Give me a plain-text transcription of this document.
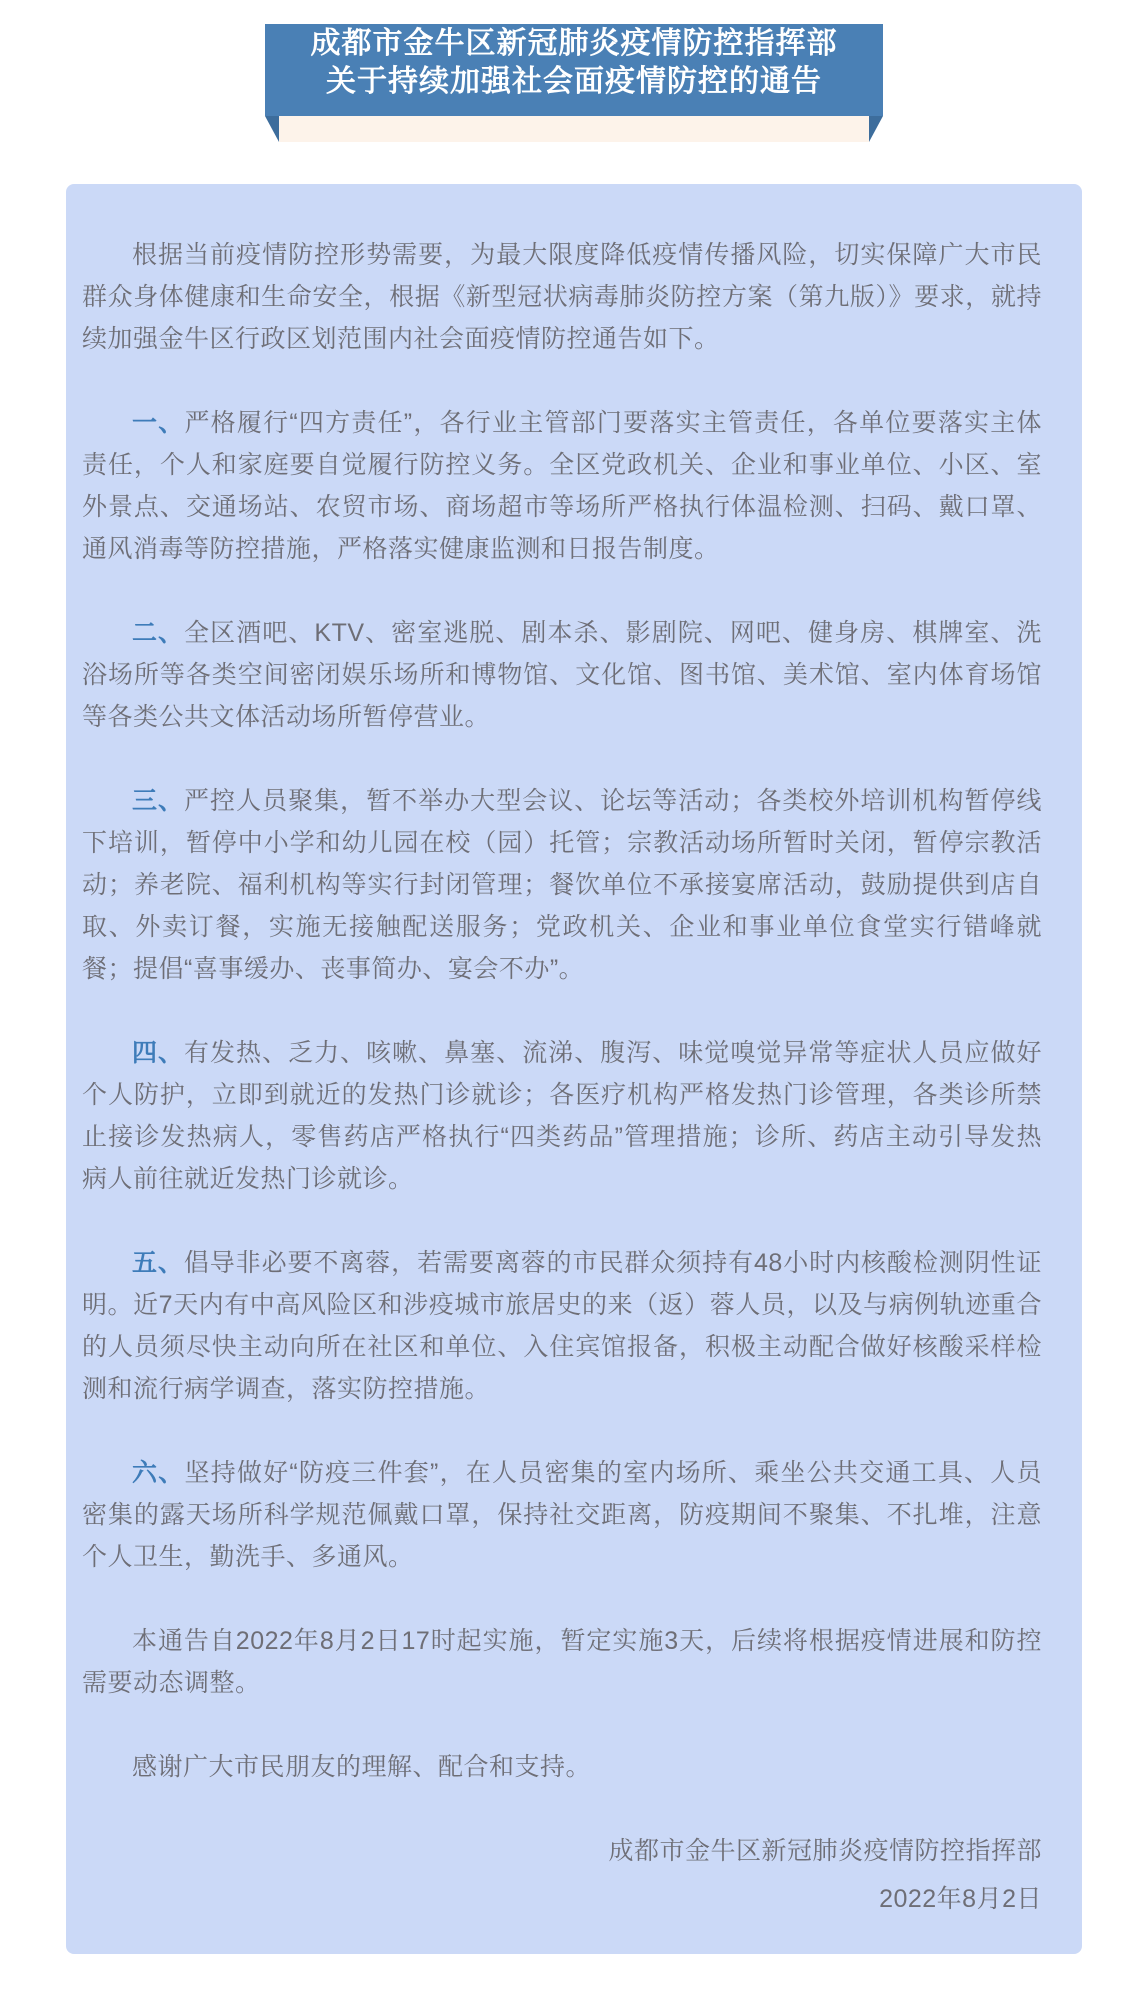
成都市金牛区新冠肺炎疫情防控指挥部
关于持续加强社会面疫情防控的通告

根据当前疫情防控形势需要，为最大限度降低疫情传播风险，切实保障广大市民群众身体健康和生命安全，根据《新型冠状病毒肺炎防控方案（第九版）》要求，就持续加强金牛区行政区划范围内社会面疫情防控通告如下。

一、严格履行“四方责任”，各行业主管部门要落实主管责任，各单位要落实主体责任，个人和家庭要自觉履行防控义务。全区党政机关、企业和事业单位、小区、室外景点、交通场站、农贸市场、商场超市等场所严格执行体温检测、扫码、戴口罩、通风消毒等防控措施，严格落实健康监测和日报告制度。

二、全区酒吧、KTV、密室逃脱、剧本杀、影剧院、网吧、健身房、棋牌室、洗浴场所等各类空间密闭娱乐场所和博物馆、文化馆、图书馆、美术馆、室内体育场馆等各类公共文体活动场所暂停营业。

三、严控人员聚集，暂不举办大型会议、论坛等活动；各类校外培训机构暂停线下培训，暂停中小学和幼儿园在校（园）托管；宗教活动场所暂时关闭，暂停宗教活动；养老院、福利机构等实行封闭管理；餐饮单位不承接宴席活动，鼓励提供到店自取、外卖订餐，实施无接触配送服务；党政机关、企业和事业单位食堂实行错峰就餐；提倡“喜事缓办、丧事简办、宴会不办”。

四、有发热、乏力、咳嗽、鼻塞、流涕、腹泻、味觉嗅觉异常等症状人员应做好个人防护，立即到就近的发热门诊就诊；各医疗机构严格发热门诊管理，各类诊所禁止接诊发热病人，零售药店严格执行“四类药品”管理措施；诊所、药店主动引导发热病人前往就近发热门诊就诊。

五、倡导非必要不离蓉，若需要离蓉的市民群众须持有48小时内核酸检测阴性证明。近7天内有中高风险区和涉疫城市旅居史的来（返）蓉人员，以及与病例轨迹重合的人员须尽快主动向所在社区和单位、入住宾馆报备，积极主动配合做好核酸采样检测和流行病学调查，落实防控措施。

六、坚持做好“防疫三件套”，在人员密集的室内场所、乘坐公共交通工具、人员密集的露天场所科学规范佩戴口罩，保持社交距离，防疫期间不聚集、不扎堆，注意个人卫生，勤洗手、多通风。

本通告自2022年8月2日17时起实施，暂定实施3天，后续将根据疫情进展和防控需要动态调整。

感谢广大市民朋友的理解、配合和支持。

成都市金牛区新冠肺炎疫情防控指挥部

2022年8月2日
